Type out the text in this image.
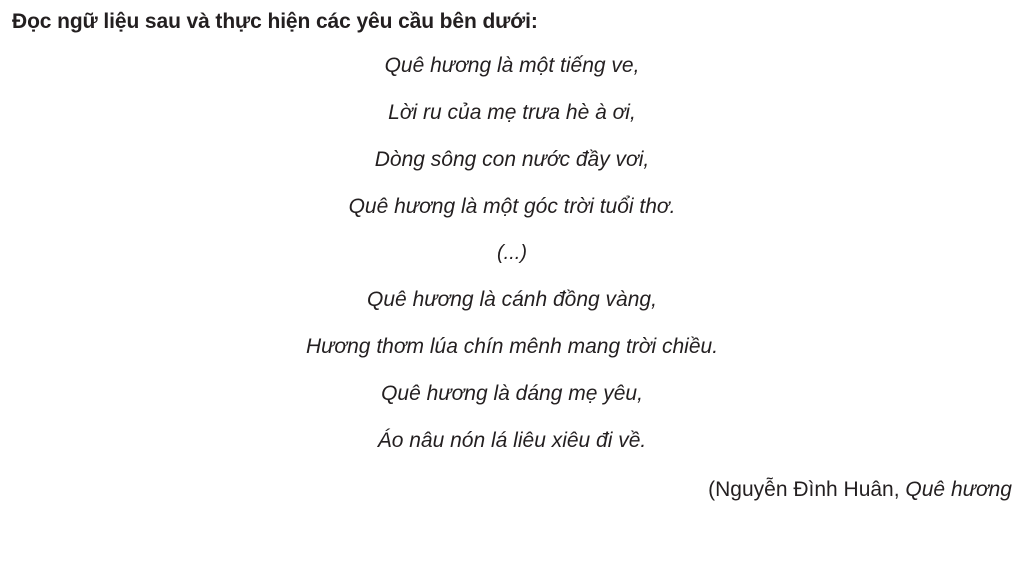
Đọc ngữ liệu sau và thực hiện các yêu cầu bên dưới:

Quê hương là một tiếng ve,
Lời ru của mẹ trưa hè à ơi,
Dòng sông con nước đầy vơi,
Quê hương là một góc trời tuổi thơ.
(...)
Quê hương là cánh đồng vàng,
Hương thơm lúa chín mênh mang trời chiều.
Quê hương là dáng mẹ yêu,
Áo nâu nón lá liêu xiêu đi về.
(Nguyễn Đình Huân, Quê hương
